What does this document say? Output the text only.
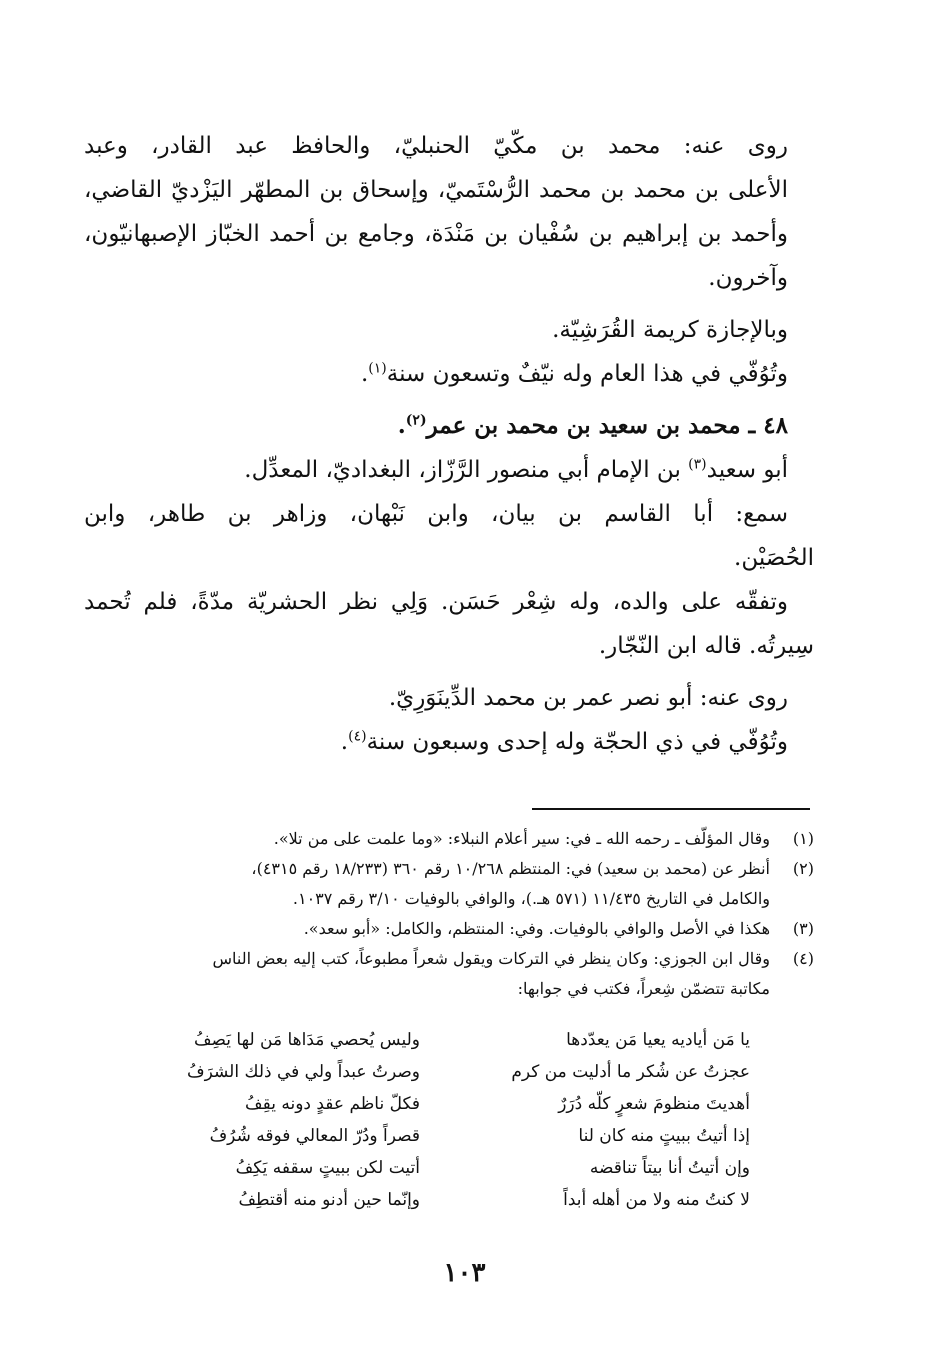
روى عنه: محمد بن مكّيّ الحنبليّ، والحافظ عبد القادر، وعبد
الأعلى بن محمد بن محمد الرُّسْتَميّ، وإسحاق بن المطهّر اليَزْديّ القاضي،
وأحمد بن إبراهيم بن سُفْيان بن مَنْدَة، وجامع بن أحمد الخبّاز الإصبهانيّون،
وآخرون.

وبالإجازة كريمة القُرَشِيّة.

وتُوُفّي في هذا العام وله نيّفٌ وتسعون سنة$^{(١)}$.

٤٨ ـ محمد بن سعيد بن محمد بن عمر$^{(٢)}$.

أبو سعيد$^{(٣)}$ بن الإمام أبي منصور الرَّزّاز، البغداديّ، المعدِّل.

سمع: أبا القاسم بن بيان، وابن نَبْهان، وزاهر بن طاهر، وابن
الحُصَيْن.

وتفقّه على والده، وله شِعْر حَسَن. وَلِي نظر الحشريّة مدّةً، فلم تُحمد
سِيرتُه. قاله ابن النّجّار.

روى عنه: أبو نصر عمر بن محمد الدِّينَوَرِيّ.

وتُوُفّي في ذي الحجّة وله إحدى وسبعون سنة$^{(٤)}$.

(١)
وقال المؤلّف ـ رحمه الله ـ في: سير أعلام النبلاء: «وما علمت على من تلا».
(٢)
أنظر عن (محمد بن سعيد) في: المنتظم ١٠/٢٦٨ رقم ٣٦٠ (١٨/٢٣٣ رقم ٤٣١٥)،
والكامل في التاريخ ١١/٤٣٥ (٥٧١ هـ.)، والوافي بالوفيات ٣/١٠ رقم ١٠٣٧.
(٣)
هكذا في الأصل والوافي بالوفيات. وفي: المنتظم، والكامل: «أبو سعد».
(٤)
وقال ابن الجوزي: وكان ينظر في التركات ويقول شعراً مطبوعاً، كتب إليه بعض الناس
مكاتبة تتضمّن شِعراً، فكتب في جوابها:
يا مَن أياديه يعيا مَن يعدّدها
عجزتُ عن شُكر ما أدليت من كرم
أهديتَ منظومَ شعرٍ كلّه دُرَرٌ
إذا أتيتُ ببيتٍ منه كان لنا
وإن أتيتُ أنا بيتاً تناقضه
لا كنتُ منه ولا من أهله أبداً
وليس يُحصي مَدَاها مَن لها يَصِفُ
وصرتُ عبداً ولي في ذلك الشرَفُ
فكلّ ناظم عقدٍ دونه يقِفُ
قصراً ودُرّ المعالي فوقه شُرُفُ
أتيت لكن ببيتٍ سقفه يَكِفُ
وإنّما حين أدنو منه أقتطِفُ
١٠٣
